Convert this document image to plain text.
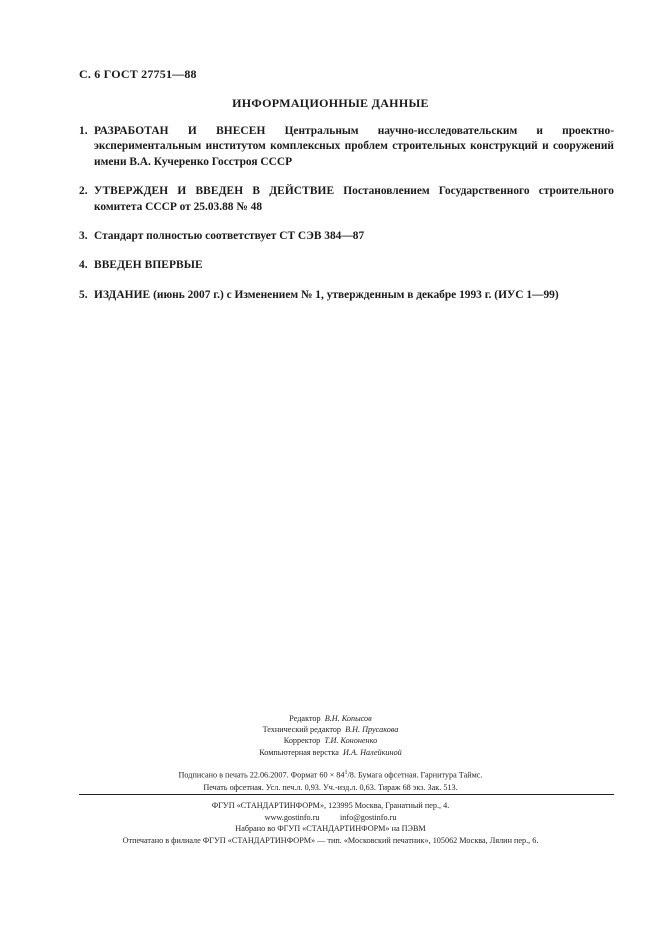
С. 6 ГОСТ 27751—88
ИНФОРМАЦИОННЫЕ ДАННЫЕ
1. РАЗРАБОТАН И ВНЕСЕН Центральным научно-исследовательским и проектно-экспериментальным институтом комплексных проблем строительных конструкций и сооружений имени В.А. Кучеренко Госстроя СССР
2. УТВЕРЖДЕН И ВВЕДЕН В ДЕЙСТВИЕ Постановлением Государственного строительного комитета СССР от 25.03.88 № 48
3. Стандарт полностью соответствует СТ СЭВ 384—87
4. ВВЕДЕН ВПЕРВЫЕ
5. ИЗДАНИЕ (июнь 2007 г.) с Изменением № 1, утвержденным в декабре 1993 г. (ИУС 1—99)
Редактор В.Н. Копысов
Технический редактор В.Н. Прусакова
Корректор Т.И. Кононенко
Компьютерная верстка И.А. Налейкиной
Подписано в печать 22.06.2007. Формат $60 \times 84^1/8$. Бумага офсетная. Гарнитура Таймс.
Печать офсетная. Усл. печ.л. 0,93. Уч.-изд.л. 0,63. Тираж 68 экз. Зак. 513.
ФГУП «СТАНДАРТИНФОРМ», 123995 Москва, Гранатный пер., 4.
www.gostinfo.ru info@gostinfo.ru
Набрано во ФГУП «СТАНДАРТИНФОРМ» на ПЭВМ
Отпечатано в филиале ФГУП «СТАНДАРТИНФОРМ» — тип. «Московский печатник», 105062 Москва, Лялин пер., 6.
